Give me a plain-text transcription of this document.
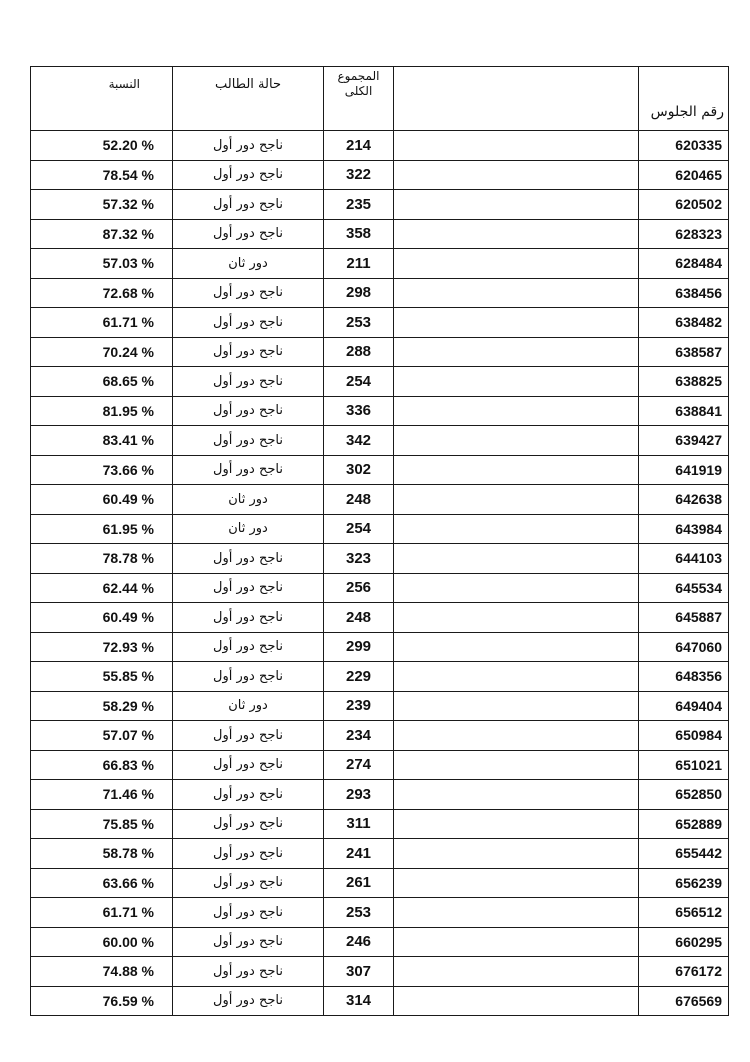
النسبة	حالة الطالب	المجموع الكلى		رقم الجلوس
52.20 %	ناجح دور أول	214		620335
78.54 %	ناجح دور أول	322		620465
57.32 %	ناجح دور أول	235		620502
87.32 %	ناجح دور أول	358		628323
57.03 %	دور ثان	211		628484
72.68 %	ناجح دور أول	298		638456
61.71 %	ناجح دور أول	253		638482
70.24 %	ناجح دور أول	288		638587
68.65 %	ناجح دور أول	254		638825
81.95 %	ناجح دور أول	336		638841
83.41 %	ناجح دور أول	342		639427
73.66 %	ناجح دور أول	302		641919
60.49 %	دور ثان	248		642638
61.95 %	دور ثان	254		643984
78.78 %	ناجح دور أول	323		644103
62.44 %	ناجح دور أول	256		645534
60.49 %	ناجح دور أول	248		645887
72.93 %	ناجح دور أول	299		647060
55.85 %	ناجح دور أول	229		648356
58.29 %	دور ثان	239		649404
57.07 %	ناجح دور أول	234		650984
66.83 %	ناجح دور أول	274		651021
71.46 %	ناجح دور أول	293		652850
75.85 %	ناجح دور أول	311		652889
58.78 %	ناجح دور أول	241		655442
63.66 %	ناجح دور أول	261		656239
61.71 %	ناجح دور أول	253		656512
60.00 %	ناجح دور أول	246		660295
74.88 %	ناجح دور أول	307		676172
76.59 %	ناجح دور أول	314		676569
